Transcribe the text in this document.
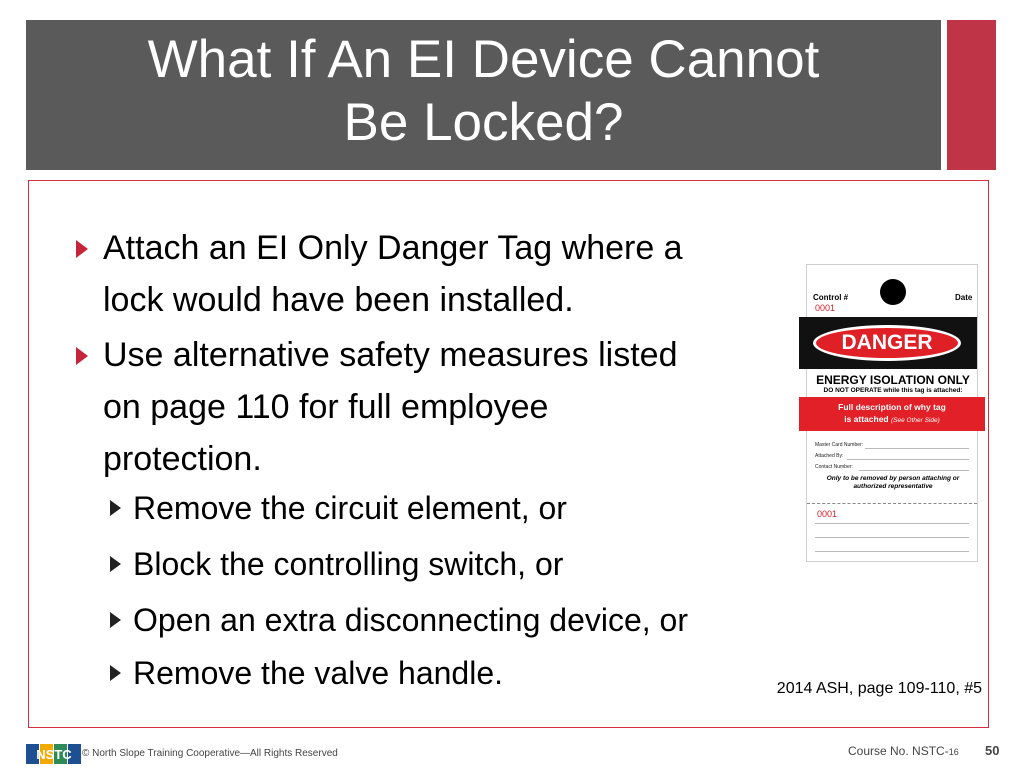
What If An EI Device Cannot
Be Locked?
Attach an EI Only Danger Tag where a
lock would have been installed.
Use alternative safety measures listed
on page 110 for full employee
protection.
Remove the circuit element, or
Block the controlling switch, or
Open an extra disconnecting device, or
Remove the valve handle.	2014 ASH, page 109-110, #5
Control #
0001
Date
DANGER
ENERGY ISOLATION ONLY
DO NOT OPERATE while this tag is attached:
Full description of why tag
is attached (See Other Side)
Master Card Number:
Attached By:
Contact Number:
Only to be removed by person attaching or
authorized representative
0001
NSTC © North Slope Training Cooperative—All Rights Reserved	Course No. NSTC-16 50
